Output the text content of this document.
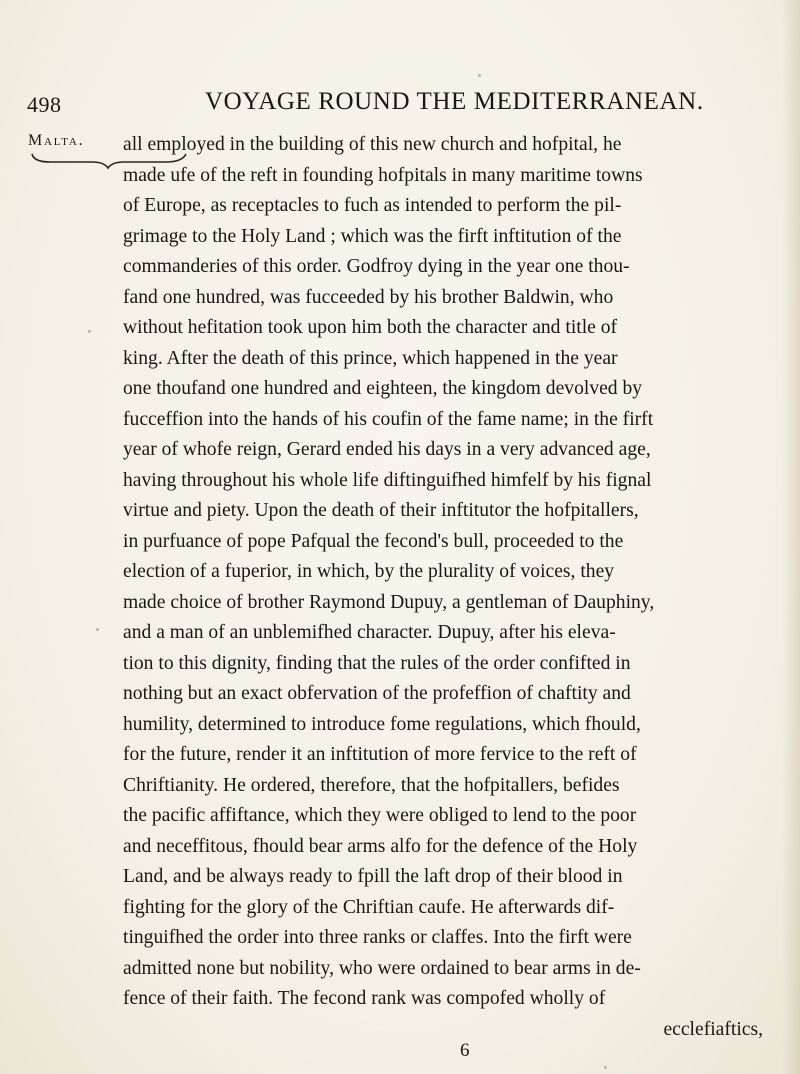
498	VOYAGE ROUND THE MEDITERRANEAN.
Malta. all employed in the building of this new church and hofpital, he
made ufe of the reft in founding hofpitals in many maritime towns
of Europe, as receptacles to fuch as intended to perform the pil-
grimage to the Holy Land ; which was the firft inftitution of the
commanderies of this order. Godfroy dying in the year one thou-
fand one hundred, was fucceeded by his brother Baldwin, who
without hefitation took upon him both the character and title of
king. After the death of this prince, which happened in the year
one thoufand one hundred and eighteen, the kingdom devolved by
fucceffion into the hands of his coufin of the fame name; in the firft
year of whofe reign, Gerard ended his days in a very advanced age,
having throughout his whole life diftinguifhed himfelf by his fignal
virtue and piety. Upon the death of their inftitutor the hofpitallers,
in purfuance of pope Pafqual the fecond's bull, proceeded to the
election of a fuperior, in which, by the plurality of voices, they
made choice of brother Raymond Dupuy, a gentleman of Dauphiny,
and a man of an unblemifhed character. Dupuy, after his eleva-
tion to this dignity, finding that the rules of the order confifted in
nothing but an exact obfervation of the profeffion of chaftity and
humility, determined to introduce fome regulations, which fhould,
for the future, render it an inftitution of more fervice to the reft of
Chriftianity. He ordered, therefore, that the hofpitallers, befides
the pacific affiftance, which they were obliged to lend to the poor
and neceffitous, fhould bear arms alfo for the defence of the Holy
Land, and be always ready to fpill the laft drop of their blood in
fighting for the glory of the Chriftian caufe. He afterwards dif-
tinguifhed the order into three ranks or claffes. Into the firft were
admitted none but nobility, who were ordained to bear arms in de-
fence of their faith. The fecond rank was compofed wholly of
ecclefiaftics,
6
